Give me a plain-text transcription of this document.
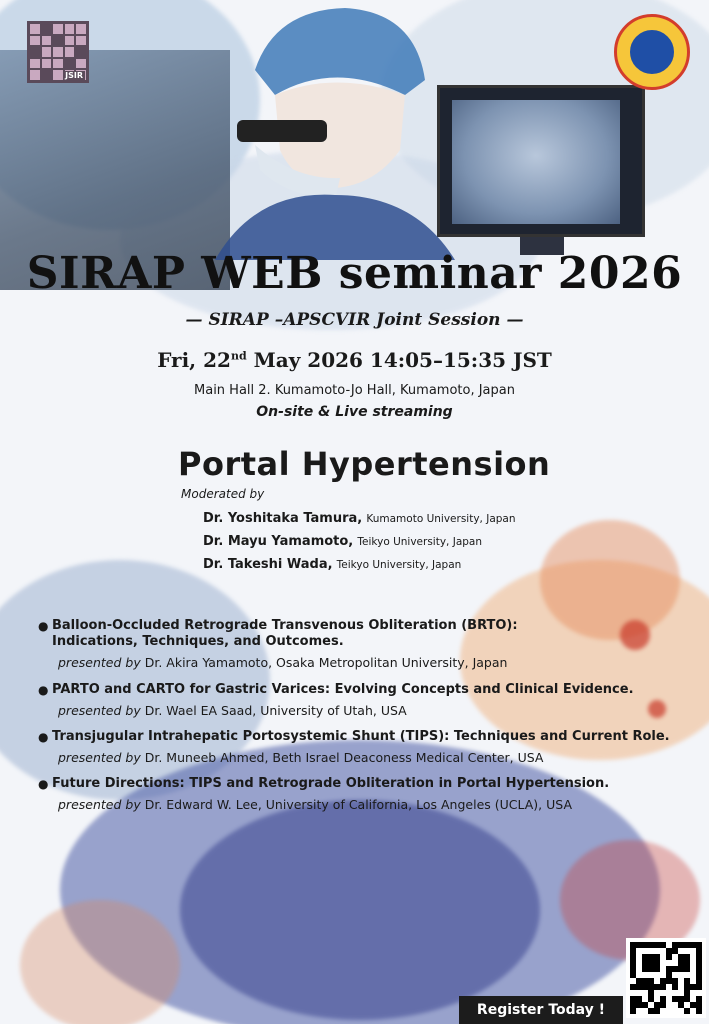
JSIR
SIRAP WEB seminar 2026
— SIRAP –APSCVIR Joint Session —
Fri, 22nd May 2026 14:05–15:35 JST
Main Hall 2. Kumamoto-Jo Hall, Kumamoto, Japan
On-site & Live streaming
Portal Hypertension
Moderated by
Dr. Yoshitaka Tamura, Kumamoto University, Japan
Dr. Mayu Yamamoto, Teikyo University, Japan
Dr. Takeshi Wada, Teikyo University, Japan
● Balloon-Occluded Retrograde Transvenous Obliteration (BRTO): Indications, Techniques, and Outcomes.
presented by Dr. Akira Yamamoto, Osaka Metropolitan University, Japan
● PARTO and CARTO for Gastric Varices: Evolving Concepts and Clinical Evidence.
presented by Dr. Wael EA Saad, University of Utah, USA
● Transjugular Intrahepatic Portosystemic Shunt (TIPS): Techniques and Current Role.
presented by Dr. Muneeb Ahmed, Beth Israel Deaconess Medical Center, USA
● Future Directions: TIPS and Retrograde Obliteration in Portal Hypertension.
presented by Dr. Edward W. Lee, University of California, Los Angeles (UCLA), USA
Register Today !
